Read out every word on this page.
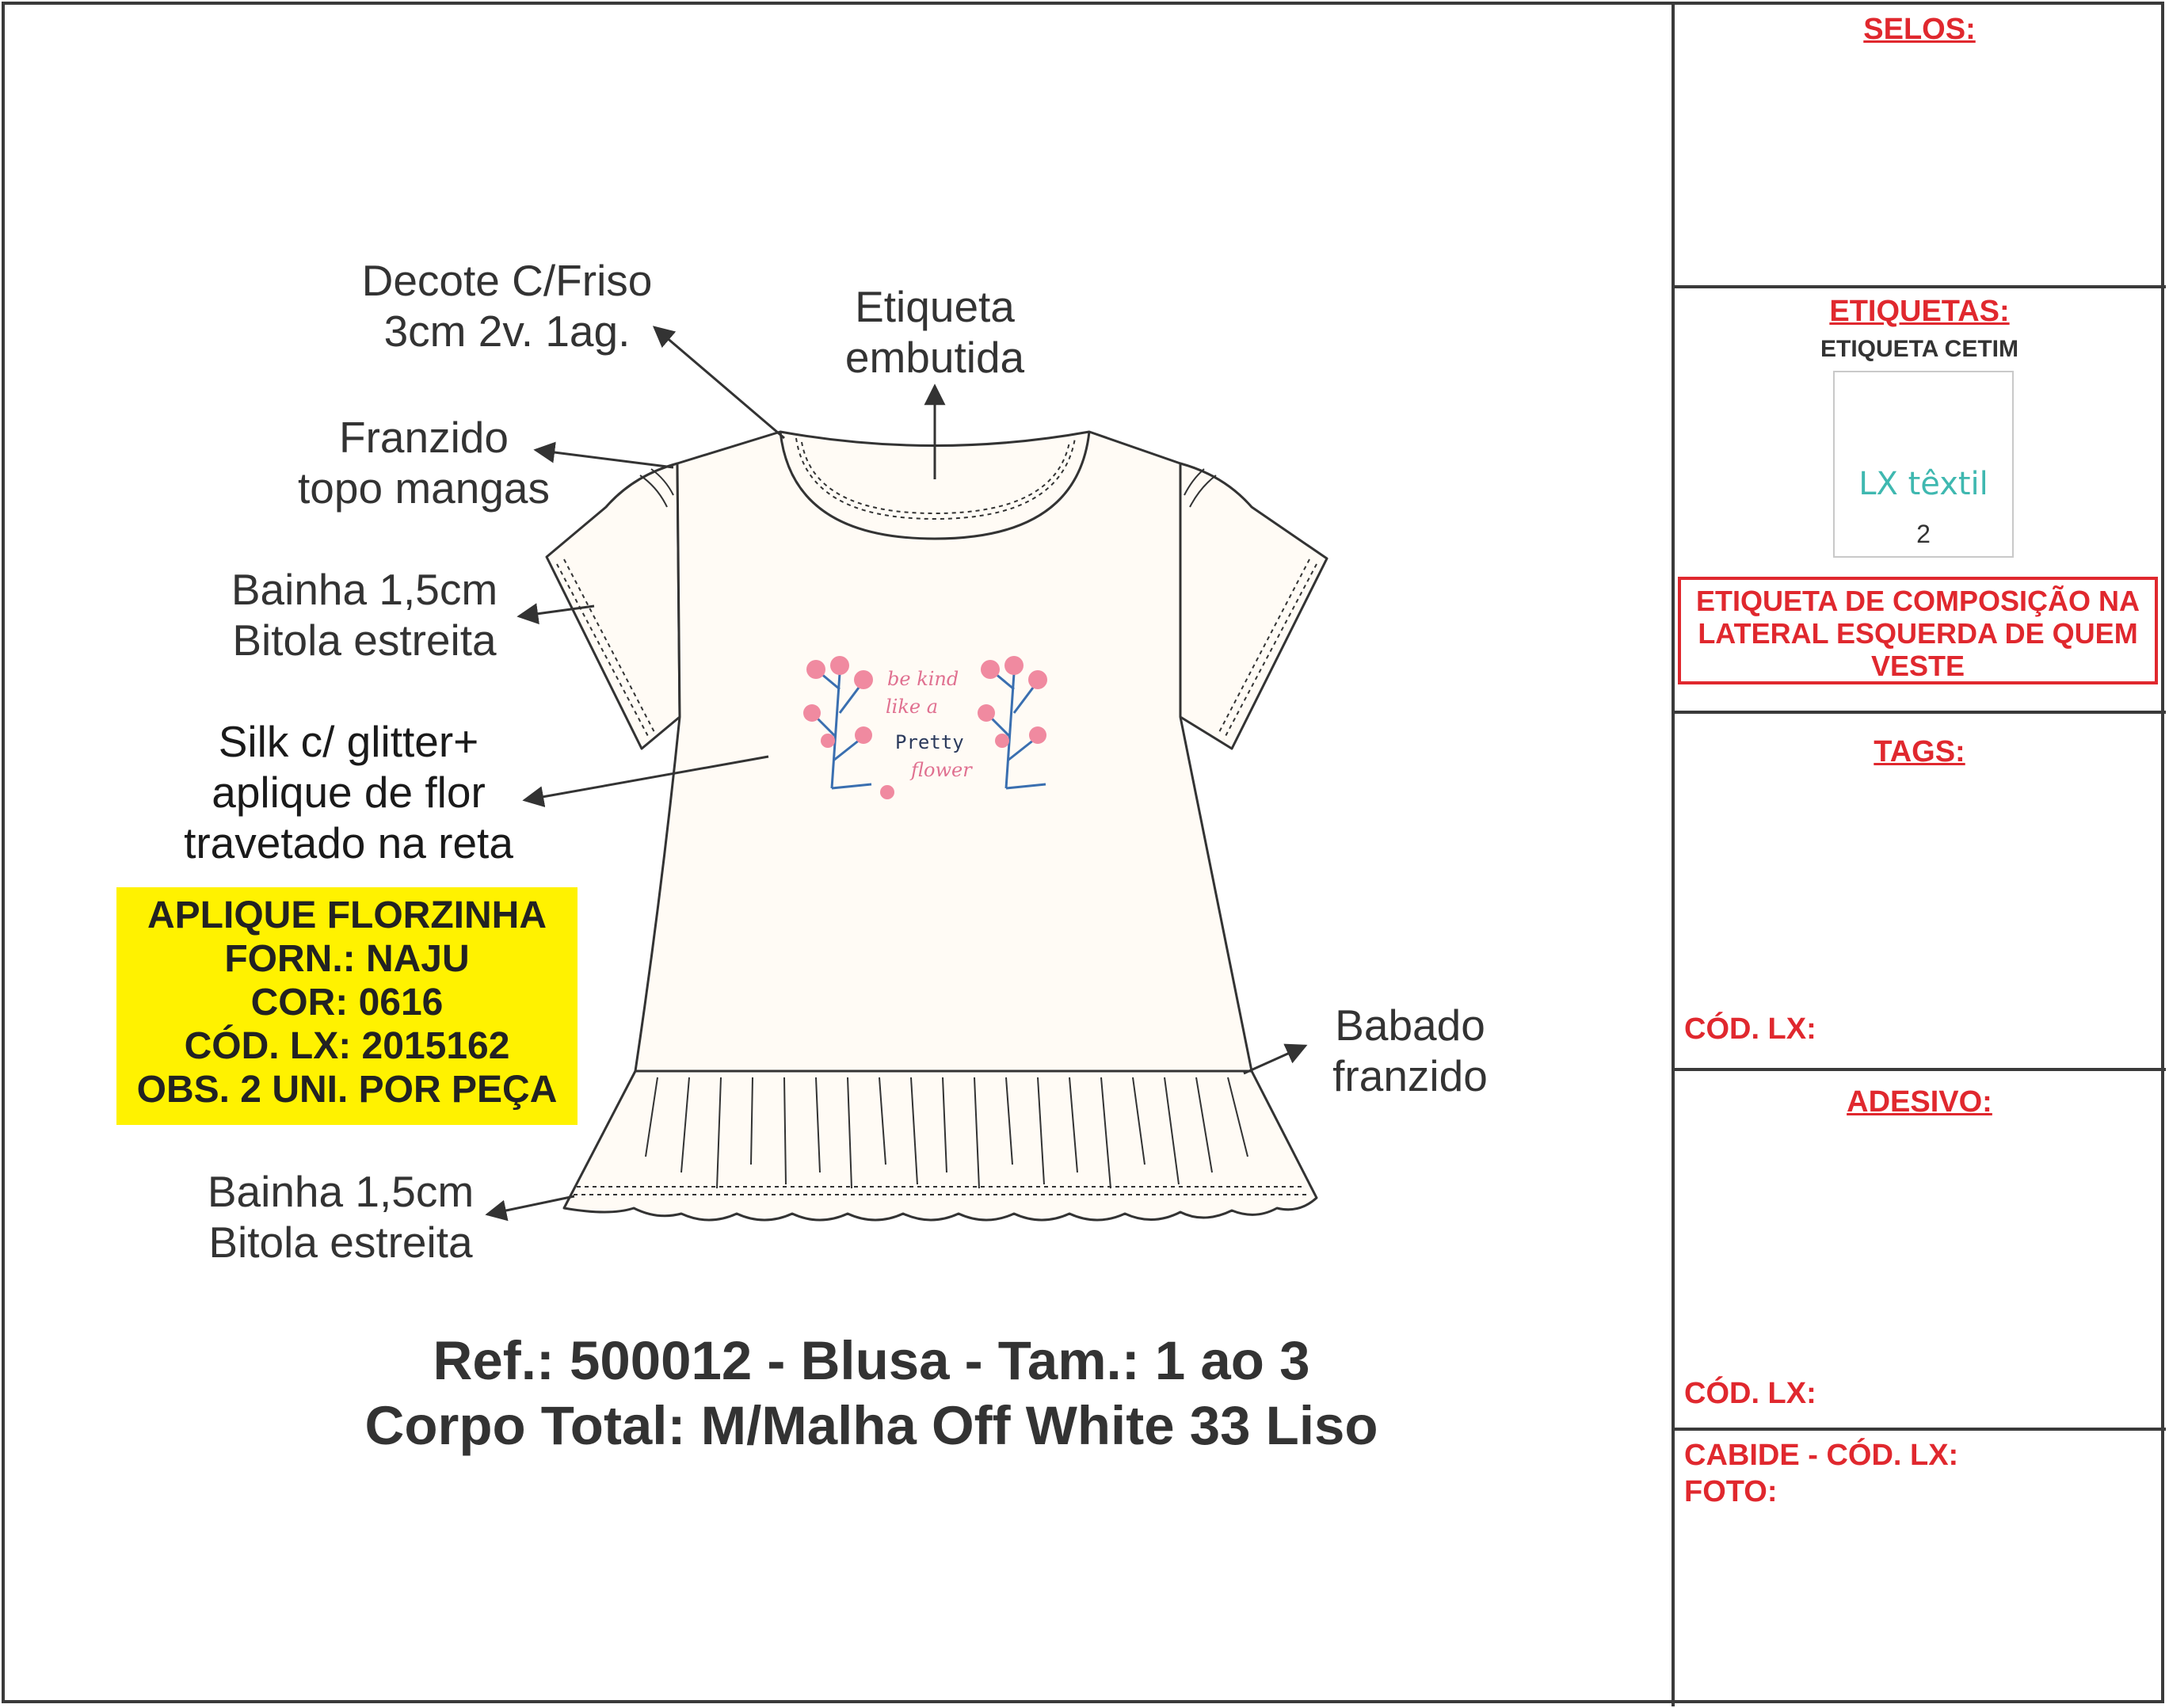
be kind
like a
Pretty
flower
Decote C/Friso
3cm 2v. 1ag.	Etiqueta
embutida
Franzido
topo mangas
Bainha 1,5cm
Bitola estreita
Silk c/ glitter+
aplique de flor
travetado na reta
Babado
franzido
Bainha 1,5cm
Bitola estreita
APLIQUE FLORZINHA
FORN.: NAJU
COR: 0616
CÓD. LX: 2015162
OBS. 2 UNI. POR PEÇA
Ref.: 500012 - Blusa - Tam.: 1 ao 3
Corpo Total: M/Malha Off White 33 Liso
SELOS:
ETIQUETAS:
ETIQUETA CETIM
LX têxtil
2
ETIQUETA DE COMPOSIÇÃO NA
LATERAL ESQUERDA DE QUEM
VESTE
TAGS:
CÓD. LX:
ADESIVO:
CÓD. LX:
CABIDE - CÓD. LX:
FOTO:
